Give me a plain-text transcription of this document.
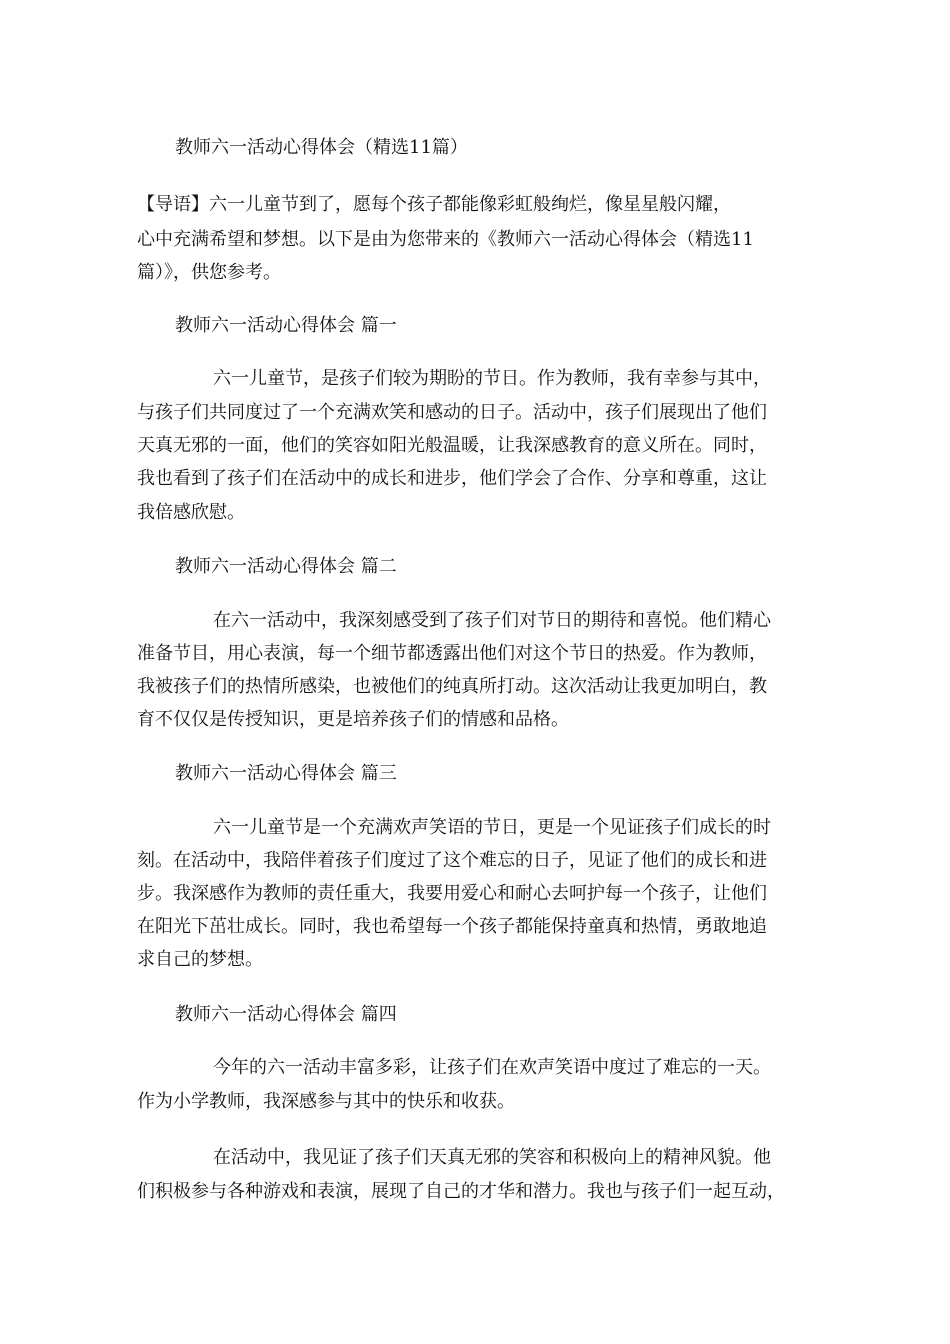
教师六一活动心得体会（精选11篇）
【导语】六一儿童节到了，愿每个孩子都能像彩虹般绚烂，像星星般闪耀，
心中充满希望和梦想。以下是由为您带来的《教师六一活动心得体会（精选11
篇）》，供您参考。
教师六一活动心得体会 篇一
六一儿童节，是孩子们较为期盼的节日。作为教师，我有幸参与其中，
与孩子们共同度过了一个充满欢笑和感动的日子。活动中，孩子们展现出了他们
天真无邪的一面，他们的笑容如阳光般温暖，让我深感教育的意义所在。同时，
我也看到了孩子们在活动中的成长和进步，他们学会了合作、分享和尊重，这让
我倍感欣慰。
教师六一活动心得体会 篇二
在六一活动中，我深刻感受到了孩子们对节日的期待和喜悦。他们精心
准备节目，用心表演，每一个细节都透露出他们对这个节日的热爱。作为教师，
我被孩子们的热情所感染，也被他们的纯真所打动。这次活动让我更加明白，教
育不仅仅是传授知识，更是培养孩子们的情感和品格。
教师六一活动心得体会 篇三
六一儿童节是一个充满欢声笑语的节日，更是一个见证孩子们成长的时
刻。在活动中，我陪伴着孩子们度过了这个难忘的日子，见证了他们的成长和进
步。我深感作为教师的责任重大，我要用爱心和耐心去呵护每一个孩子，让他们
在阳光下茁壮成长。同时，我也希望每一个孩子都能保持童真和热情，勇敢地追
求自己的梦想。
教师六一活动心得体会 篇四
今年的六一活动丰富多彩，让孩子们在欢声笑语中度过了难忘的一天。
作为小学教师，我深感参与其中的快乐和收获。
在活动中，我见证了孩子们天真无邪的笑容和积极向上的精神风貌。他
们积极参与各种游戏和表演，展现了自己的才华和潜力。我也与孩子们一起互动，
